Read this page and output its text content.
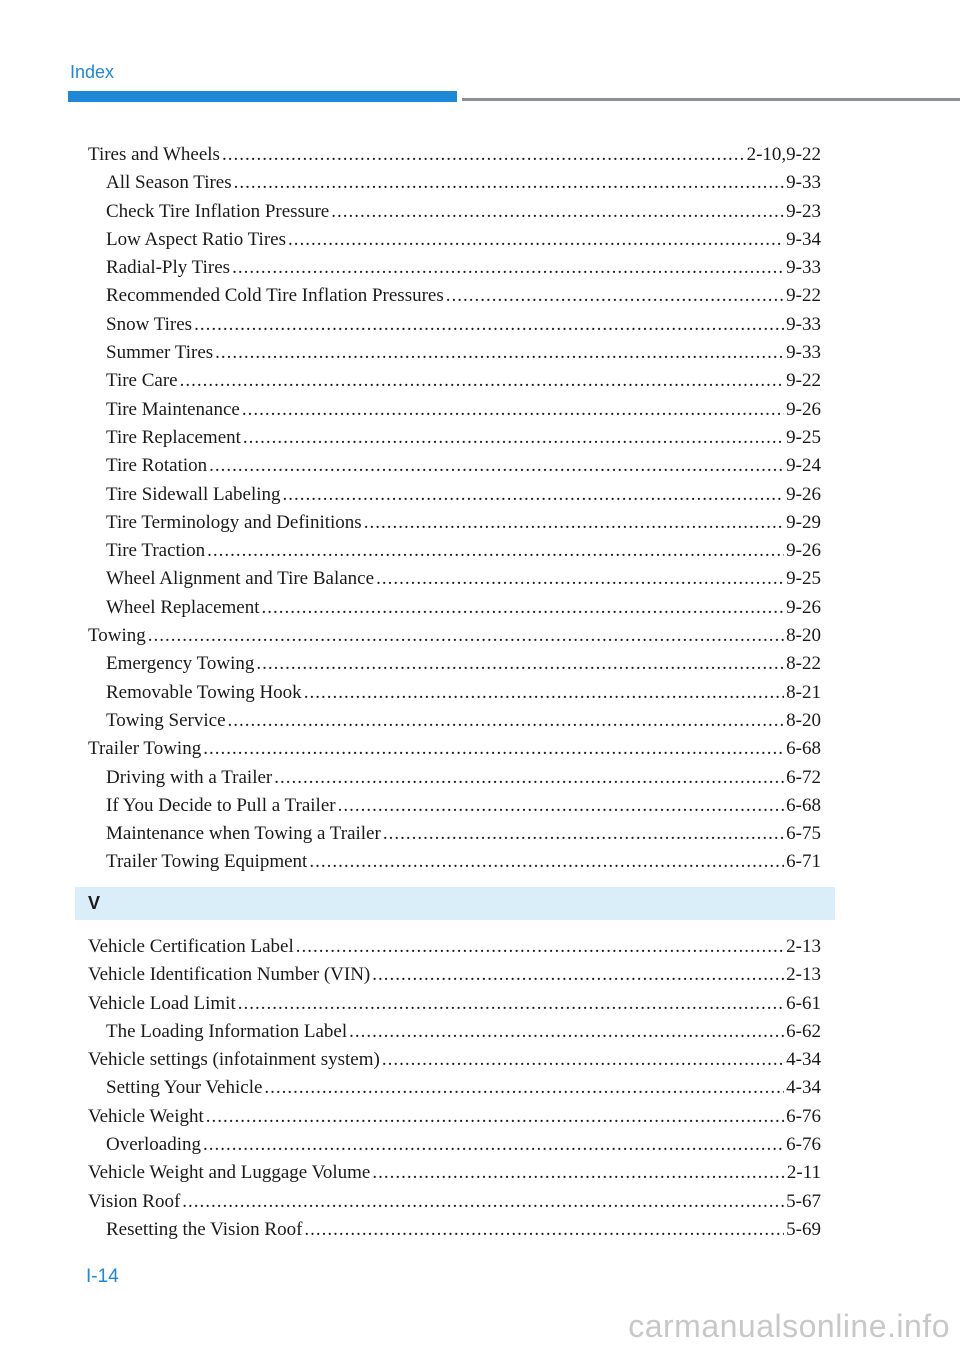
Index
Tires and Wheels .....	2-10,9-22
All Season Tires .....	9-33
Check Tire Inflation Pressure .....	9-23
Low Aspect Ratio Tires .....	9-34
Radial-Ply Tires .....	9-33
Recommended Cold Tire Inflation Pressures .....	9-22
Snow Tires .....	9-33
Summer Tires .....	9-33
Tire Care .....	9-22
Tire Maintenance .....	9-26
Tire Replacement .....	9-25
Tire Rotation .....	9-24
Tire Sidewall Labeling .....	9-26
Tire Terminology and Definitions .....	9-29
Tire Traction .....	9-26
Wheel Alignment and Tire Balance .....	9-25
Wheel Replacement .....	9-26
Towing .....	8-20
Emergency Towing .....	8-22
Removable Towing Hook .....	8-21
Towing Service .....	8-20
Trailer Towing .....	6-68
Driving with a Trailer .....	6-72
If You Decide to Pull a Trailer .....	6-68
Maintenance when Towing a Trailer .....	6-75
Trailer Towing Equipment .....	6-71
V
Vehicle Certification Label .....	2-13
Vehicle Identification Number (VIN) .....	2-13
Vehicle Load Limit .....	6-61
The Loading Information Label .....	6-62
Vehicle settings (infotainment system) .....	4-34
Setting Your Vehicle .....	4-34
Vehicle Weight .....	6-76
Overloading .....	6-76
Vehicle Weight and Luggage Volume .....	2-11
Vision Roof .....	5-67
Resetting the Vision Roof .....	5-69
I-14
carmanualsonline.info
